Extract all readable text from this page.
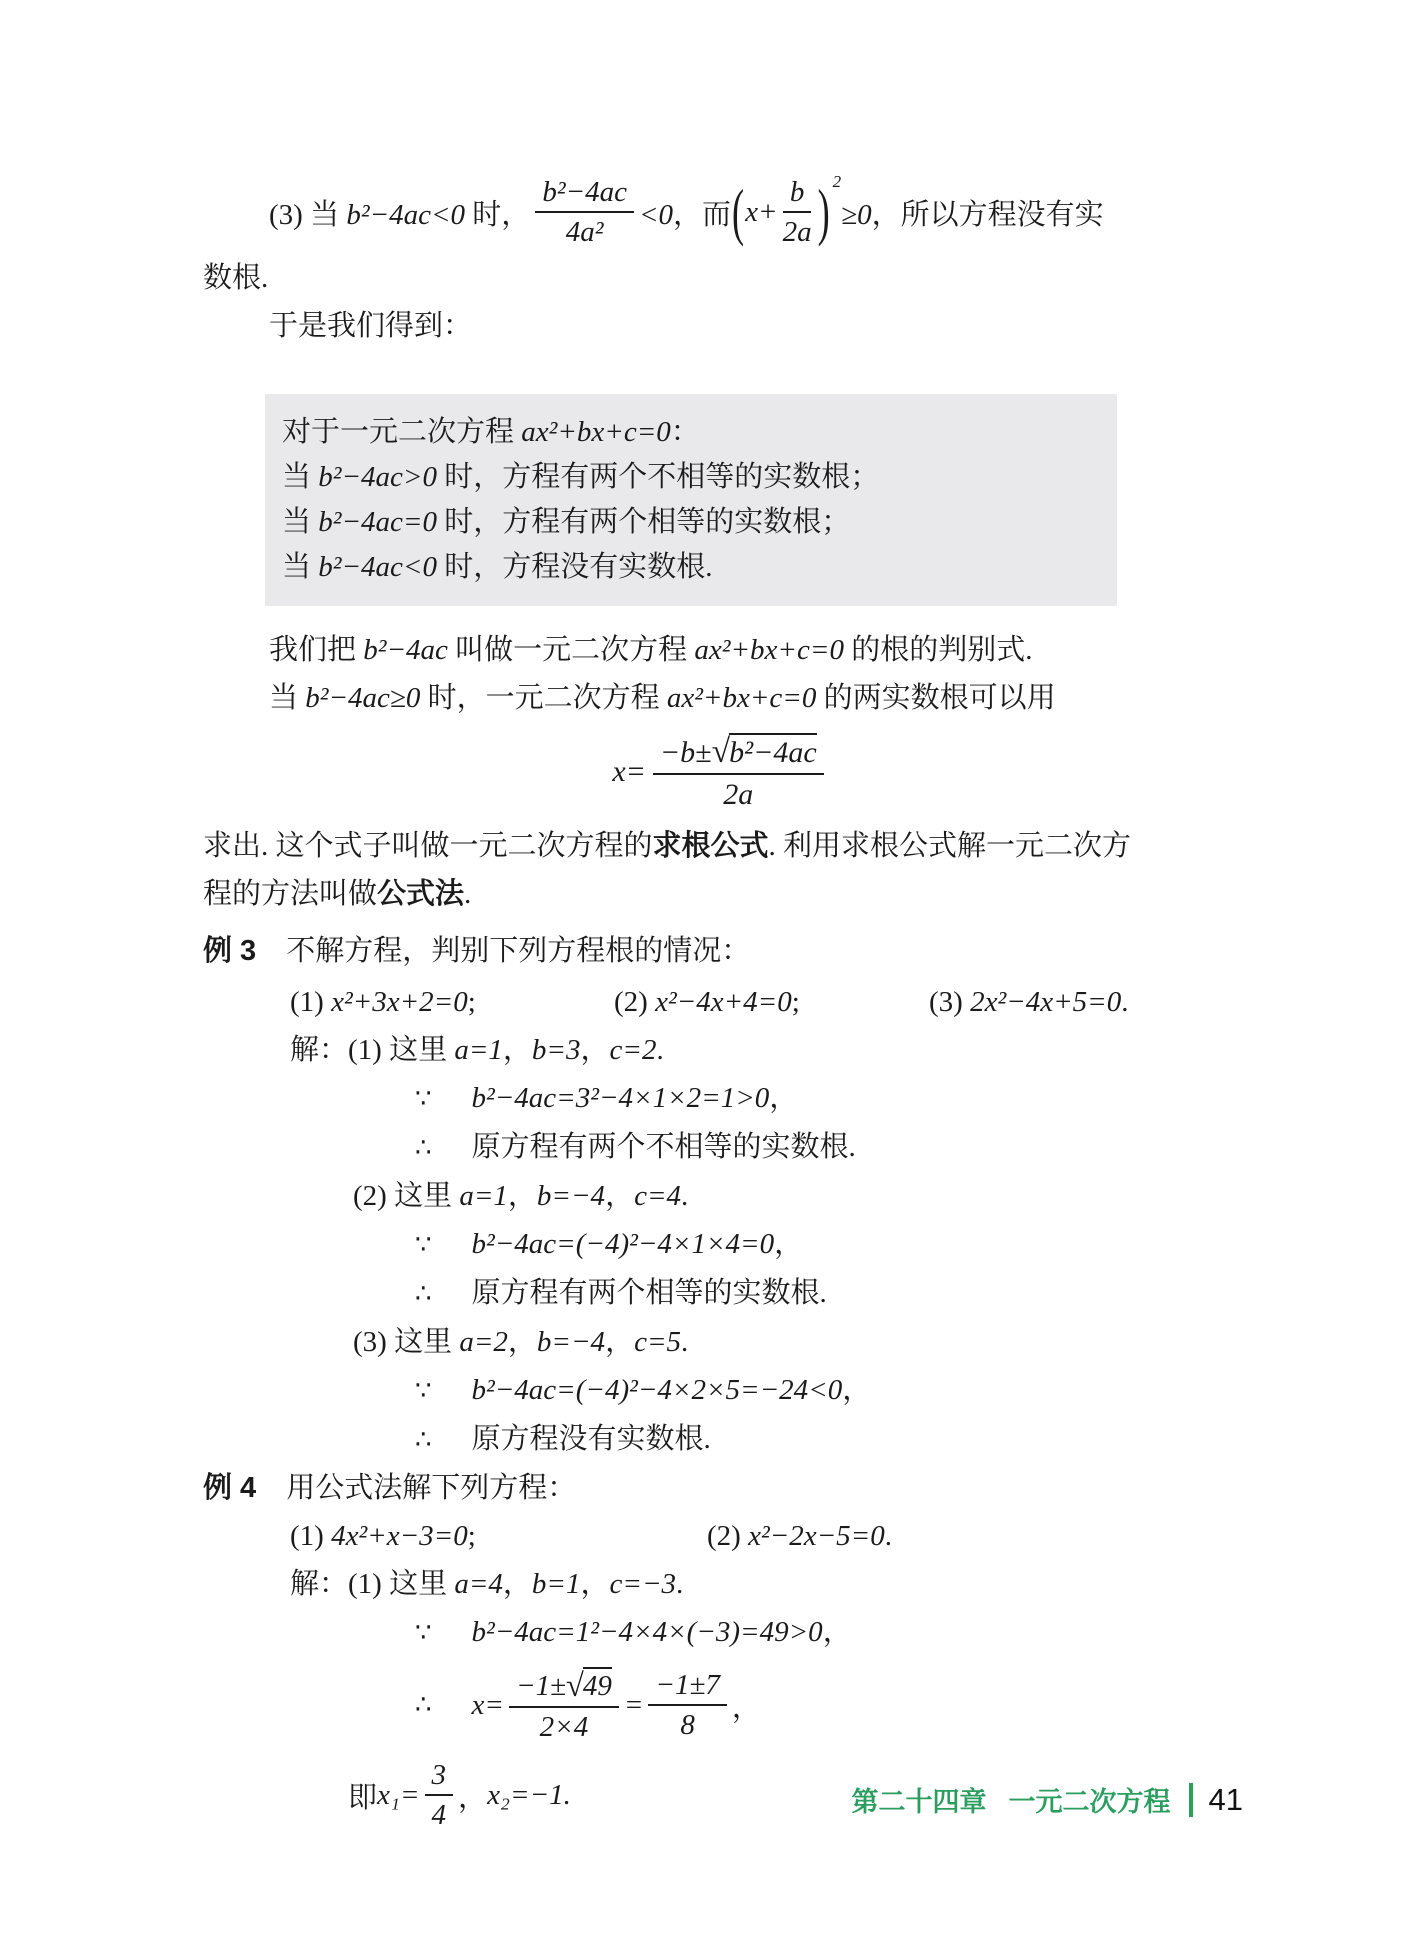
(3) 当 b²−4ac<0 时， $\frac{\text{b²−4ac}}{\text{4a²}} <0$，而 ( $x+ \frac{b}{2a}$ ) 2
≥0，所以方程没有实
数根.
于是我们得到：
对于一元二次方程 ax²+bx+c=0：
当 b²−4ac>0 时，方程有两个不相等的实数根；
当 b²−4ac=0 时，方程有两个相等的实数根；
当 b²−4ac<0 时，方程没有实数根.
我们把 b²−4ac 叫做一元二次方程 ax²+bx+c=0 的根的判别式.
当 b²−4ac≥0 时，一元二次方程 ax²+bx+c=0 的两实数根可以用
$x= \frac{\text{−b± √ b²−4ac}}{2a}$
求出. 这个式子叫做一元二次方程的求根公式. 利用求根公式解一元二次方
程的方法叫做公式法.
例 3 不解方程，判别下列方程根的情况：
(1) x²+3x+2=0;	(2) x²−4x+4=0;	(3) 2x²−4x+5=0.
解：(1) 这里 a=1，b=3，c=2.
∵ b²−4ac=3²−4×1×2=1>0，
∴ 原方程有两个不相等的实数根.
(2) 这里 a=1，b=−4，c=4.
∵ b²−4ac=(−4)²−4×1×4=0，
∴ 原方程有两个相等的实数根.
(3) 这里 a=2，b=−4，c=5.
∵ b²−4ac=(−4)²−4×2×5=−24<0，
∴ 原方程没有实数根.
例 4 用公式法解下列方程：
(1) 4x²+x−3=0;	(2) x²−2x−5=0.
解：(1) 这里 a=4，b=1，c=−3.
∵ b²−4ac=1²−4×4×(−3)=49>0，
∴ $x= \frac{-1\pm √ 49}{2\times 4} = \frac{-1\pm 7}{8}$ ，
即 $x_1= \frac{3}{4}$ ， x₂=−1.	第二十四章 一元二次方程 41
